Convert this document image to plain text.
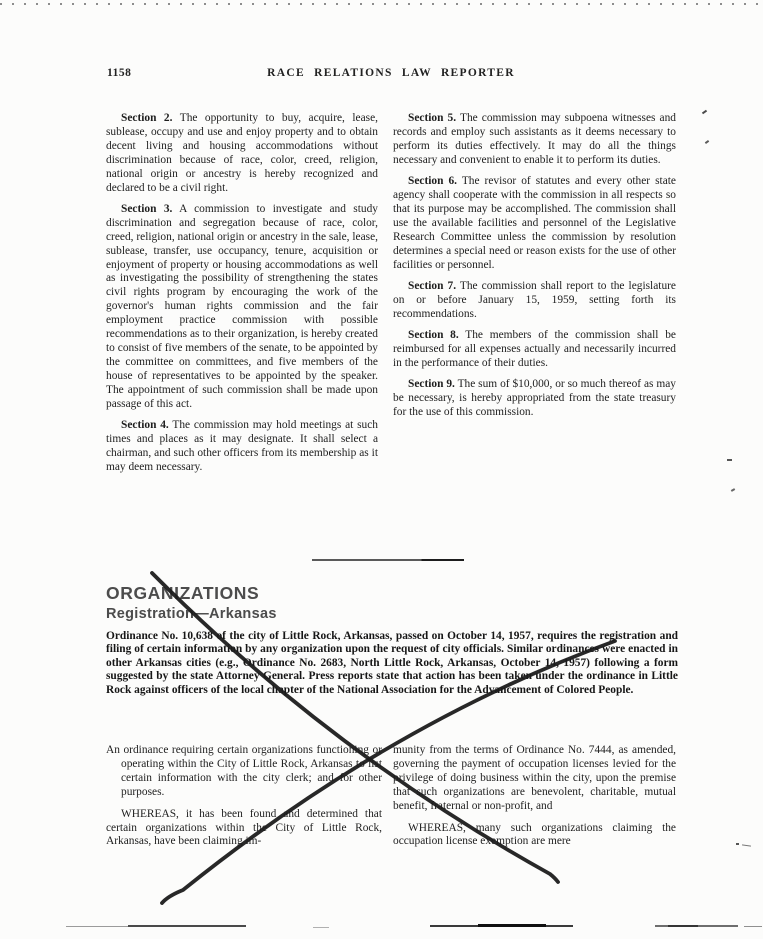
1158	RACE RELATIONS LAW REPORTER

Section 2. The opportunity to buy, acquire, lease, sublease, occupy and use and enjoy property and to obtain decent living and housing accommodations without discrimination because of race, color, creed, religion, national origin or ancestry is hereby recognized and declared to be a civil right.

Section 3. A commission to investigate and study discrimination and segregation because of race, color, creed, religion, national origin or ancestry in the sale, lease, sublease, transfer, use occupancy, tenure, acquisition or enjoyment of property or housing accommodations as well as investigating the possibility of strengthening the states civil rights program by encouraging the work of the governor's human rights commission and the fair employment practice commission with possible recommendations as to their organization, is hereby created to consist of five members of the senate, to be appointed by the committee on committees, and five members of the house of representatives to be appointed by the speaker. The appointment of such commission shall be made upon passage of this act.

Section 4. The commission may hold meetings at such times and places as it may designate. It shall select a chairman, and such other officers from its membership as it may deem necessary.

Section 5. The commission may subpoena witnesses and records and employ such assistants as it deems necessary to perform its duties effectively. It may do all the things necessary and convenient to enable it to perform its duties.

Section 6. The revisor of statutes and every other state agency shall cooperate with the commission in all respects so that its purpose may be accomplished. The commission shall use the available facilities and personnel of the Legislative Research Committee unless the commission by resolution determines a special need or reason exists for the use of other facilities or personnel.

Section 7. The commission shall report to the legislature on or before January 15, 1959, setting forth its recommendations.

Section 8. The members of the commission shall be reimbursed for all expenses actually and necessarily incurred in the performance of their duties.

Section 9. The sum of $10,000, or so much thereof as may be necessary, is hereby appropriated from the state treasury for the use of this commission.

ORGANIZATIONS
Registration—Arkansas
Ordinance No. 10,638 of the city of Little Rock, Arkansas, passed on October 14, 1957, requires the registration and filing of certain information by any organization upon the request of city officials. Similar ordinances were enacted in other Arkansas cities (e.g., Ordinance No. 2683, North Little Rock, Arkansas, October 14, 1957) following a form suggested by the state Attorney General. Press reports state that action has been taken under the ordinance in Little Rock against officers of the local chapter of the National Association for the Advancement of Colored People.

An ordinance requiring certain organizations functioning or operating within the City of Little Rock, Arkansas to list certain information with the city clerk; and for other purposes.

WHEREAS, it has been found and determined that certain organizations within the City of Little Rock, Arkansas, have been claiming im-

munity from the terms of Ordinance No. 7444, as amended, governing the payment of occupation licenses levied for the privilege of doing business within the city, upon the premise that such organizations are benevolent, charitable, mutual benefit, fraternal or non-profit, and

WHEREAS, many such organizations claiming the occupation license exemption are mere
